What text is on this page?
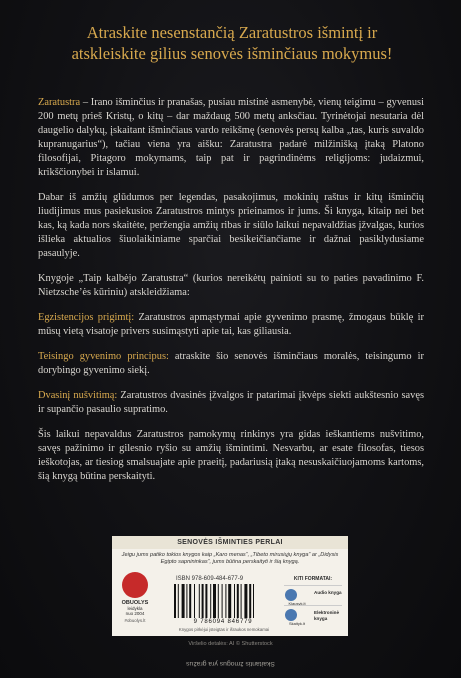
Atraskite nesenstančią Zaratustros išmintį ir atskleiskite gilius senovės išminčiaus mokymus!

Zaratustra – Irano išminčius ir pranašas, pusiau mistinė asmenybė, vienų teigimu – gyvenusi 200 metų prieš Kristų, o kitų – dar maždaug 500 metų anksčiau. Tyrinėtojai nesutaria dėl daugelio dalykų, įskaitant išminčiaus vardo reikšmę (senovės persų kalba „tas, kuris suvaldo kupranugarius“), tačiau viena yra aišku: Zaratustra padarė milžinišką įtaką Platono filosofijai, Pitagoro mokymams, taip pat ir pagrindinėms religijoms: judaizmui, krikščionybei ir islamui.

Dabar iš amžių glūdumos per legendas, pasakojimus, mokinių raštus ir kitų išminčių liudijimus mus pasiekusios Zaratustros mintys prieinamos ir jums. Ši knyga, kitaip nei bet kas, ką kada nors skaitėte, peržengia amžių ribas ir siūlo laikui nepavaldžias įžvalgas, kurios išlieka aktualios šiuolaikiniame sparčiai besikeičiančiame ir dažnai pasiklydusiame pasaulyje.

Knygoje „Taip kalbėjo Zaratustra“ (kurios nereikėtų painioti su to paties pavadinimo F. Nietzsche’ės kūriniu) atskleidžiama:

Egzistencijos prigimtį: Zaratustros apmąstymai apie gyvenimo prasmę, žmogaus būklę ir mūsų vietą visatoje privers susimąstyti apie tai, kas giliausia.

Teisingo gyvenimo principus: atraskite šio senovės išminčiaus moralės, teisingumo ir dorybingo gyvenimo siekį.

Dvasinį nušvitimą: Zaratustros dvasinės įžvalgos ir patarimai įkvėps siekti aukštesnio savęs ir supančio pasaulio supratimo.

Šis laikui nepavaldus Zaratustros pamokymų rinkinys yra gidas ieškantiems nušvitimo, savęs pažinimo ir gilesnio ryšio su amžių išmintimi. Nesvarbu, ar esate filosofas, tiesos ieškotojas, ar tiesiog smalsuajate apie praeitį, padariusią įtaką nesuskaičiuojamoms kartoms, šią knygą būtina perskaityti.

SENOVĖS IŠMINTIES PERLAI
Jeigu jums patiko tokios knygos kaip „Karo menas“, „Tibeto mirusiųjų knyga“ ar „Didysis Egipto sapnininkas“, jums būtina perskaityti ir šią knygą.
OBUOLYS
leidykla
nuo 2004
#obuolys.lt
ISBN 978-609-484-677-9
9 786094 846779
KITI FORMATAI:
Klausyk.lt
Audio knyga
Skaityk.lt
Elektroninė knyga
Knygos pirkėjui įsteigtas ir išraukos nemokamai
Viršelio detalės: AI © Shutterstock
Skaitantis žmogus yra gražus
